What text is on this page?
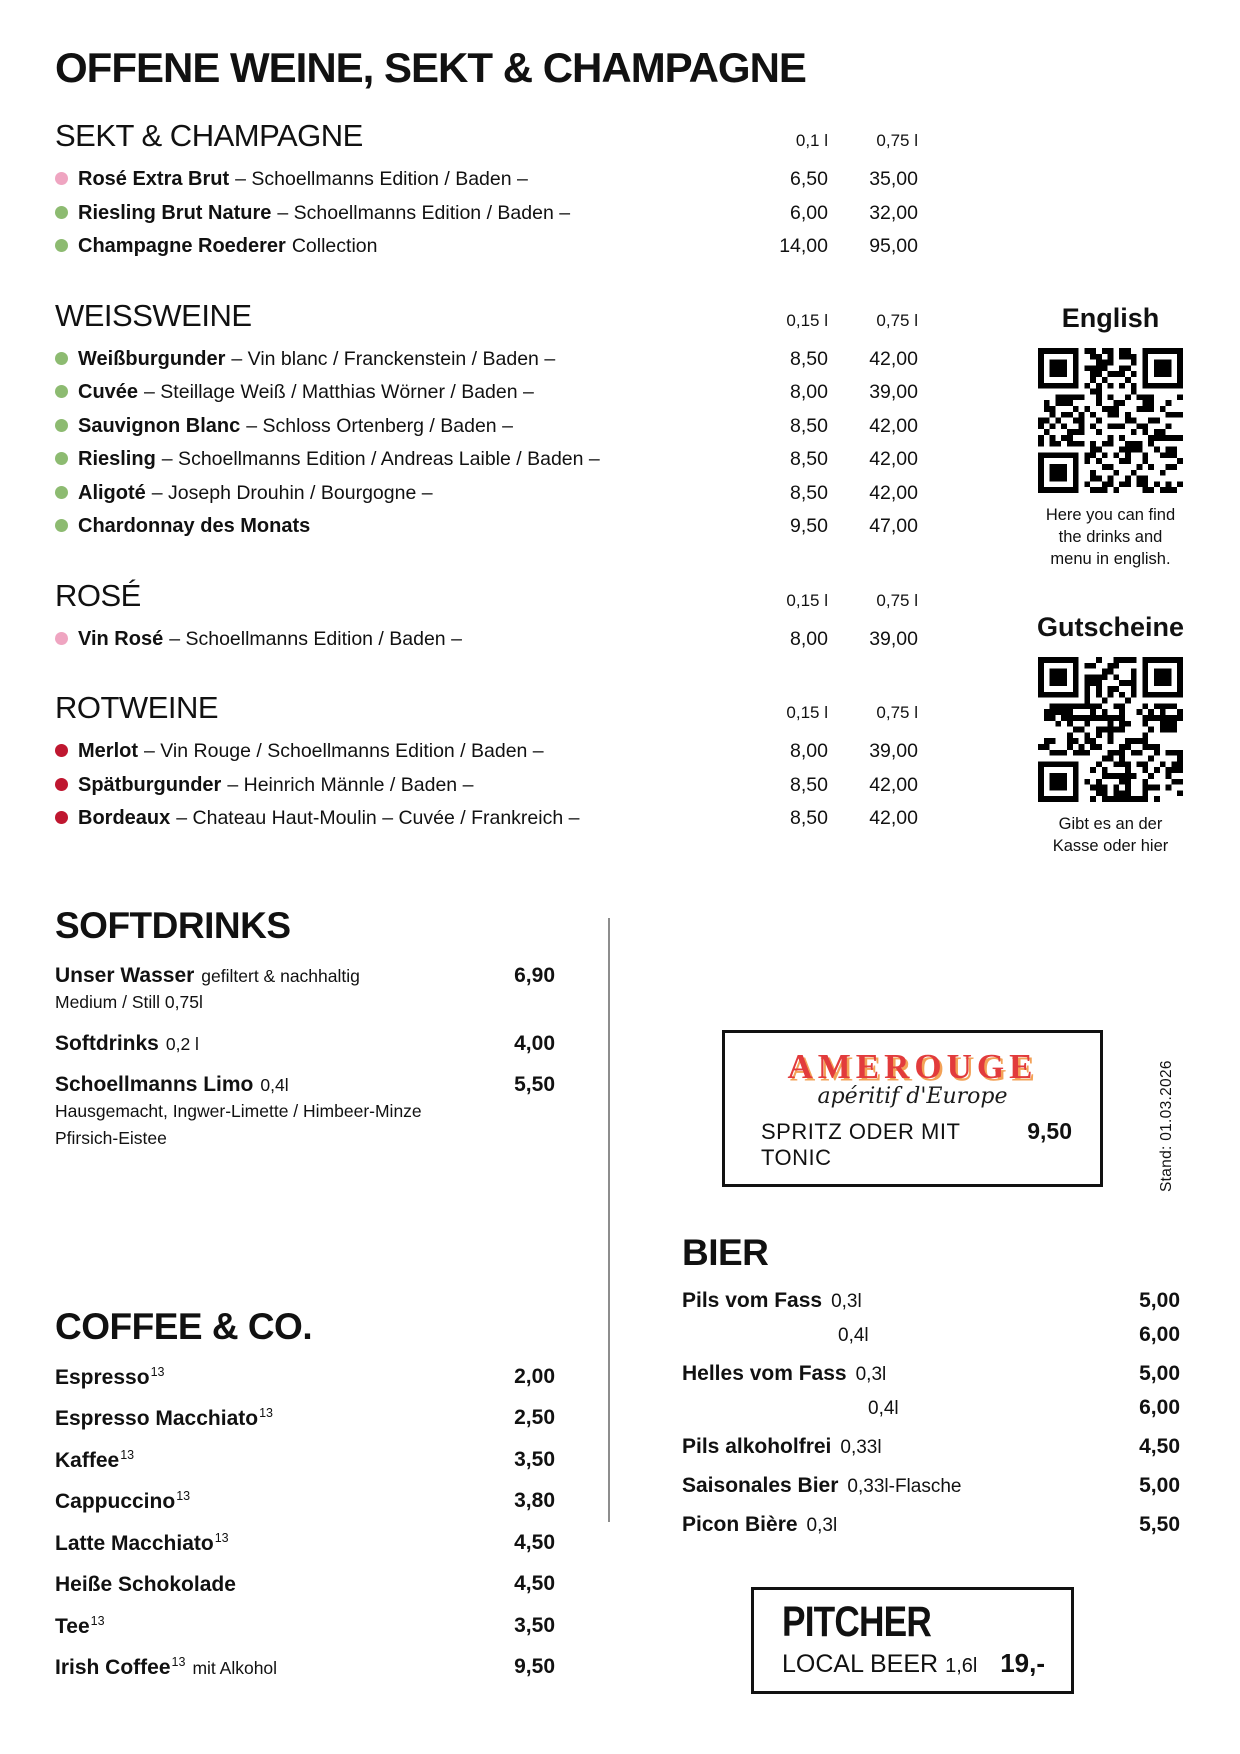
OFFENE WEINE, SEKT & CHAMPAGNE
SEKT & CHAMPAGNE	0,1 l	0,75 l
Rosé Extra Brut – Schoellmanns Edition / Baden –	6,50	35,00
Riesling Brut Nature – Schoellmanns Edition / Baden –	6,00	32,00
Champagne Roederer Collection	14,00	95,00
WEISSWEINE	0,15 l	0,75 l
Weißburgunder – Vin blanc / Franckenstein / Baden –	8,50	42,00
Cuvée – Steillage Weiß / Matthias Wörner / Baden –	8,00	39,00
Sauvignon Blanc – Schloss Ortenberg / Baden –	8,50	42,00
Riesling – Schoellmanns Edition / Andreas Laible / Baden –	8,50	42,00
Aligoté – Joseph Drouhin / Bourgogne –	8,50	42,00
Chardonnay des Monats	9,50	47,00
ROSÉ	0,15 l	0,75 l
Vin Rosé – Schoellmanns Edition / Baden –	8,00	39,00
ROTWEINE	0,15 l	0,75 l
Merlot – Vin Rouge / Schoellmanns Edition / Baden –	8,00	39,00
Spätburgunder – Heinrich Männle / Baden –	8,50	42,00
Bordeaux – Chateau Haut-Moulin – Cuvée / Frankreich –	8,50	42,00
English
Here you can find
the drinks and
menu in english.
Gutscheine
Gibt es an der
Kasse oder hier
SOFTDRINKS
Unser Wasser gefiltert & nachhaltig	6,90
Medium / Still 0,75l
Softdrinks 0,2 l	4,00
Schoellmanns Limo 0,4l	5,50
Hausgemacht, Ingwer-Limette / Himbeer-Minze
Pfirsich-Eistee
COFFEE & CO.
Espresso$^{13}$	2,00
Espresso Macchiato$^{13}$	2,50
Kaffee$^{13}$	3,50
Cappuccino$^{13}$	3,80
Latte Macchiato$^{13}$	4,50
Heiße Schokolade	4,50
Tee$^{13}$	3,50
Irish Coffee$^{13}$ mit Alkohol	9,50
AMEROUGE
apéritif d'Europe
SPRITZ ODER MIT TONIC
9,50
BIER
Pils vom Fass 0,3l	5,00
0,4l	6,00
Helles vom Fass 0,3l	5,00
0,4l	6,00
Pils alkoholfrei 0,33l	4,50
Saisonales Bier 0,33l-Flasche	5,00
Picon Bière 0,3l	5,50
PITCHER
LOCAL BEER 1,6l 19,-
Stand: 01.03.2026
